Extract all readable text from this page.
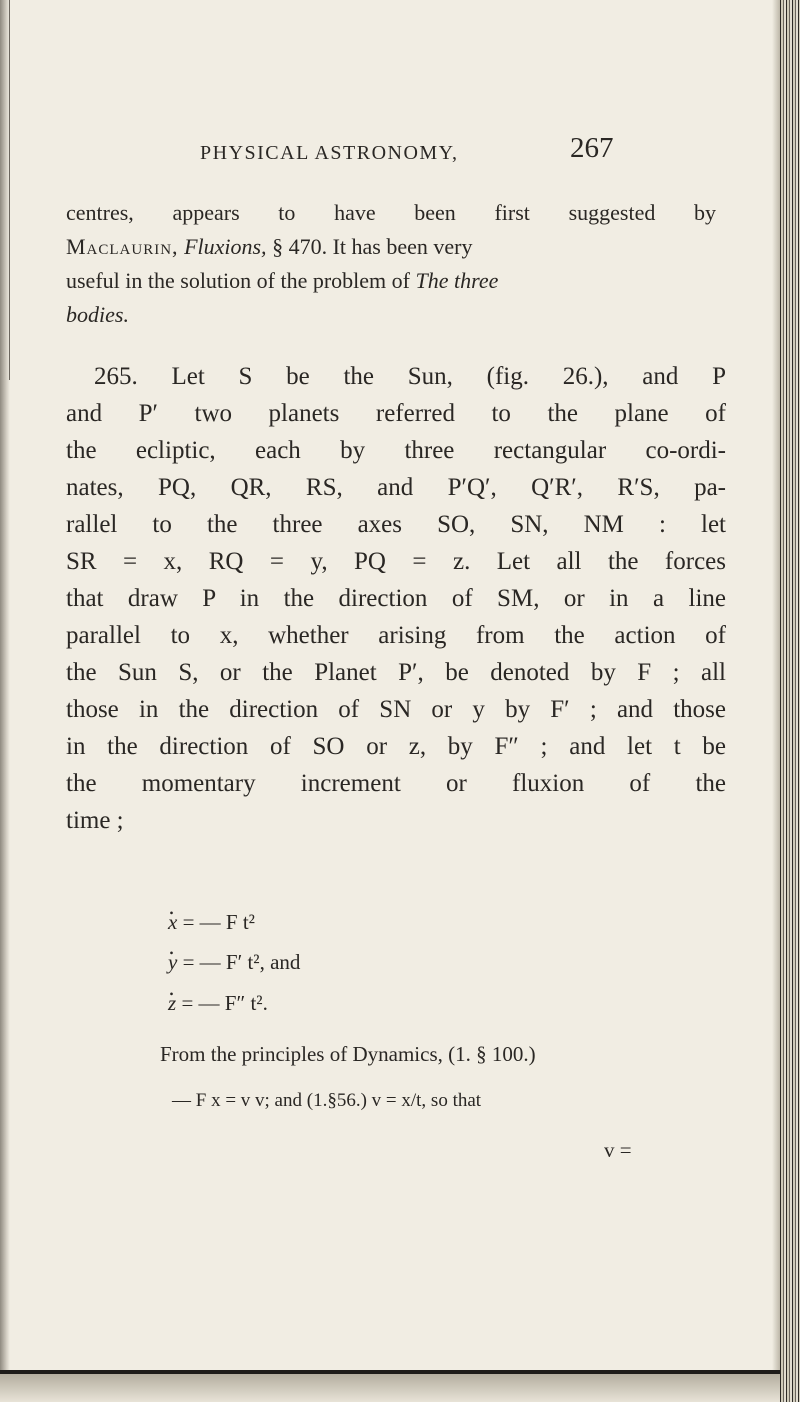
PHYSICAL ASTRONOMY,	267
centres, appears to have been first suggested by
Maclaurin, Fluxions, § 470. It has been very
useful in the solution of the problem of The three
bodies.
265. Let S be the Sun, (fig. 26.), and P
and P′ two planets referred to the plane of
the ecliptic, each by three rectangular co-ordi-
nates, PQ, QR, RS, and P′Q′, Q′R′, R′S, pa-
rallel to the three axes SO, SN, NM : let
SR = x, RQ = y, PQ = z. Let all the forces
that draw P in the direction of SM, or in a line
parallel to x, whether arising from the action of
the Sun S, or the Planet P′, be denoted by F ; all
those in the direction of SN or y by F′ ; and those
in the direction of SO or z, by F″ ; and let t be
the momentary increment or fluxion of the
time ;
․ x = — F t²
․ y = — F′ t², and
․ z = — F″ t².
From the principles of Dynamics, (1. § 100.)
— F x = v v; and (1.§56.) v = x/t, so that
v =
